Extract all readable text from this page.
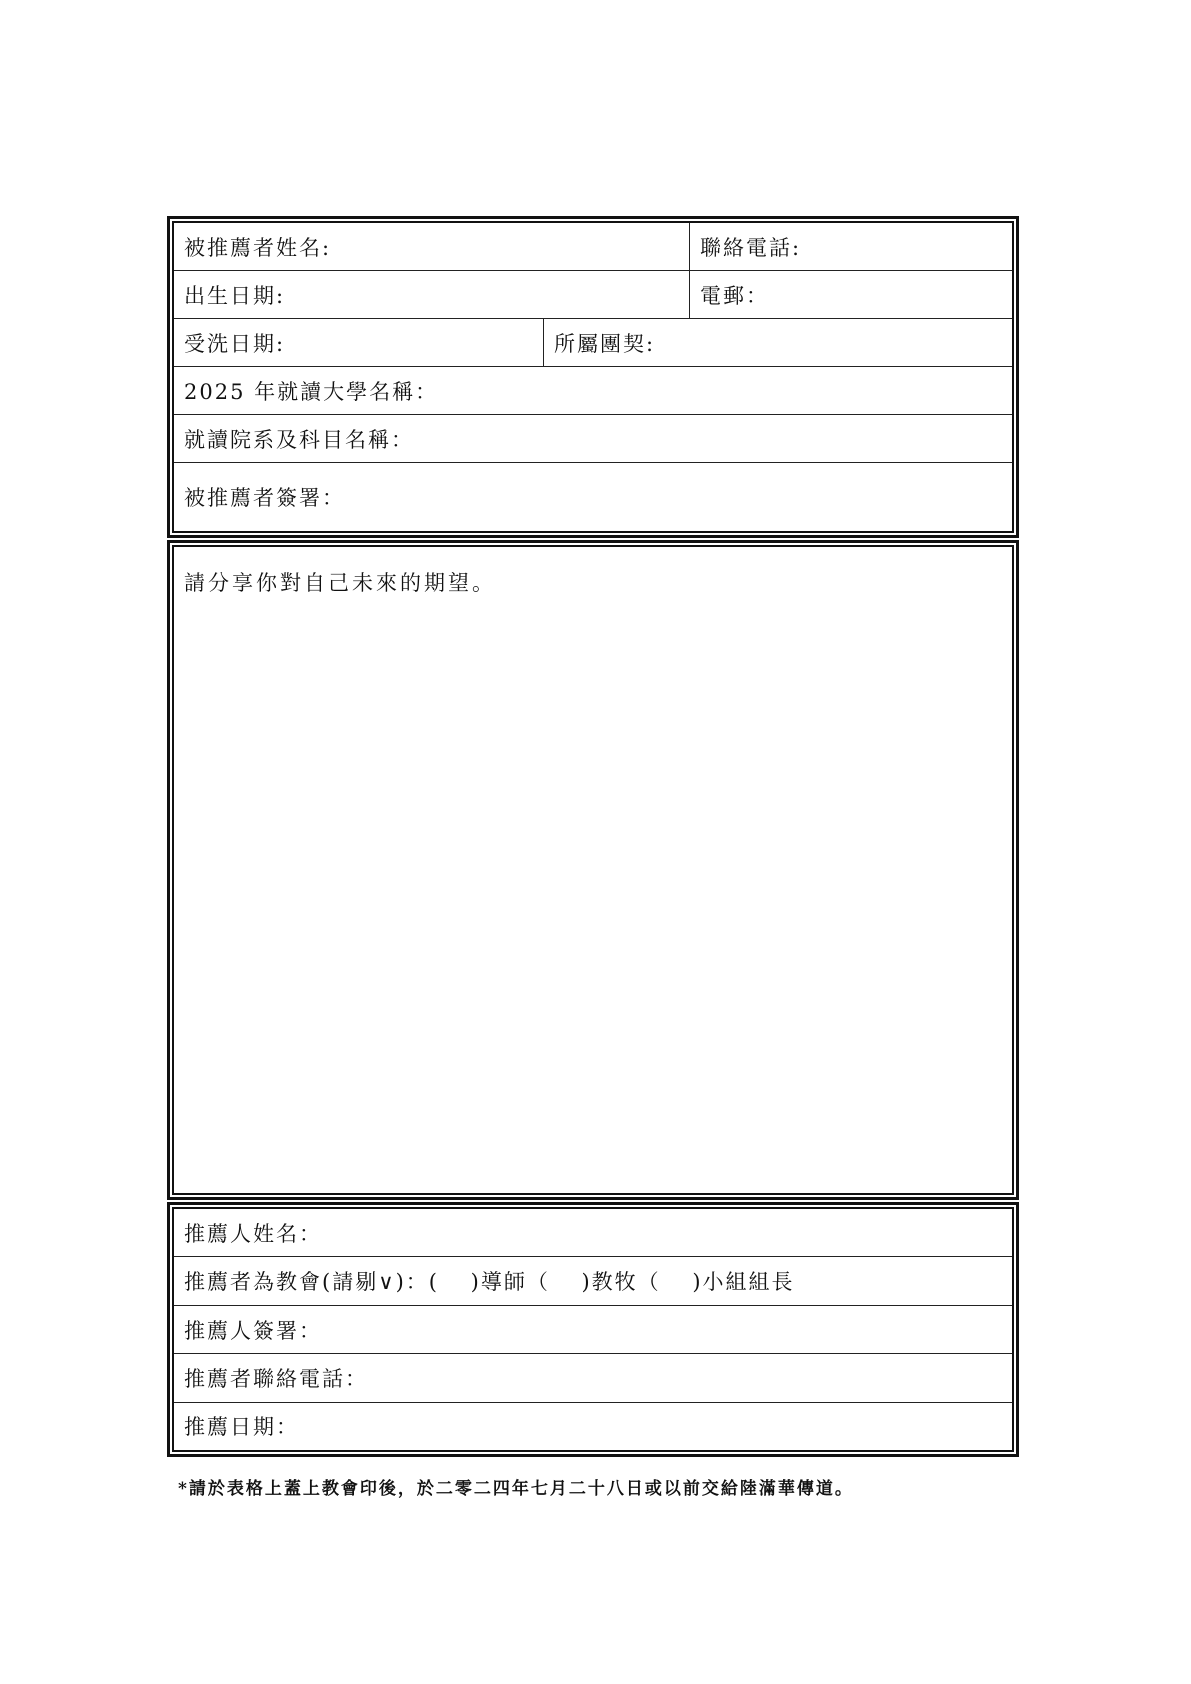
被推薦者姓名:	聯絡電話:
出生日期:	電郵：
受洗日期:	所屬團契:
2025 年就讀大學名稱：
就讀院系及科目名稱：
被推薦者簽署：
請分享你對自己未來的期望。
推薦人姓名：
推薦者為教會(請剔∨)：(　 )導師（　 )教牧（　 )小組組長
推薦人簽署：
推薦者聯絡電話：
推薦日期：
*請於表格上蓋上教會印後，於二零二四年七月二十八日或以前交給陸滿華傳道。
